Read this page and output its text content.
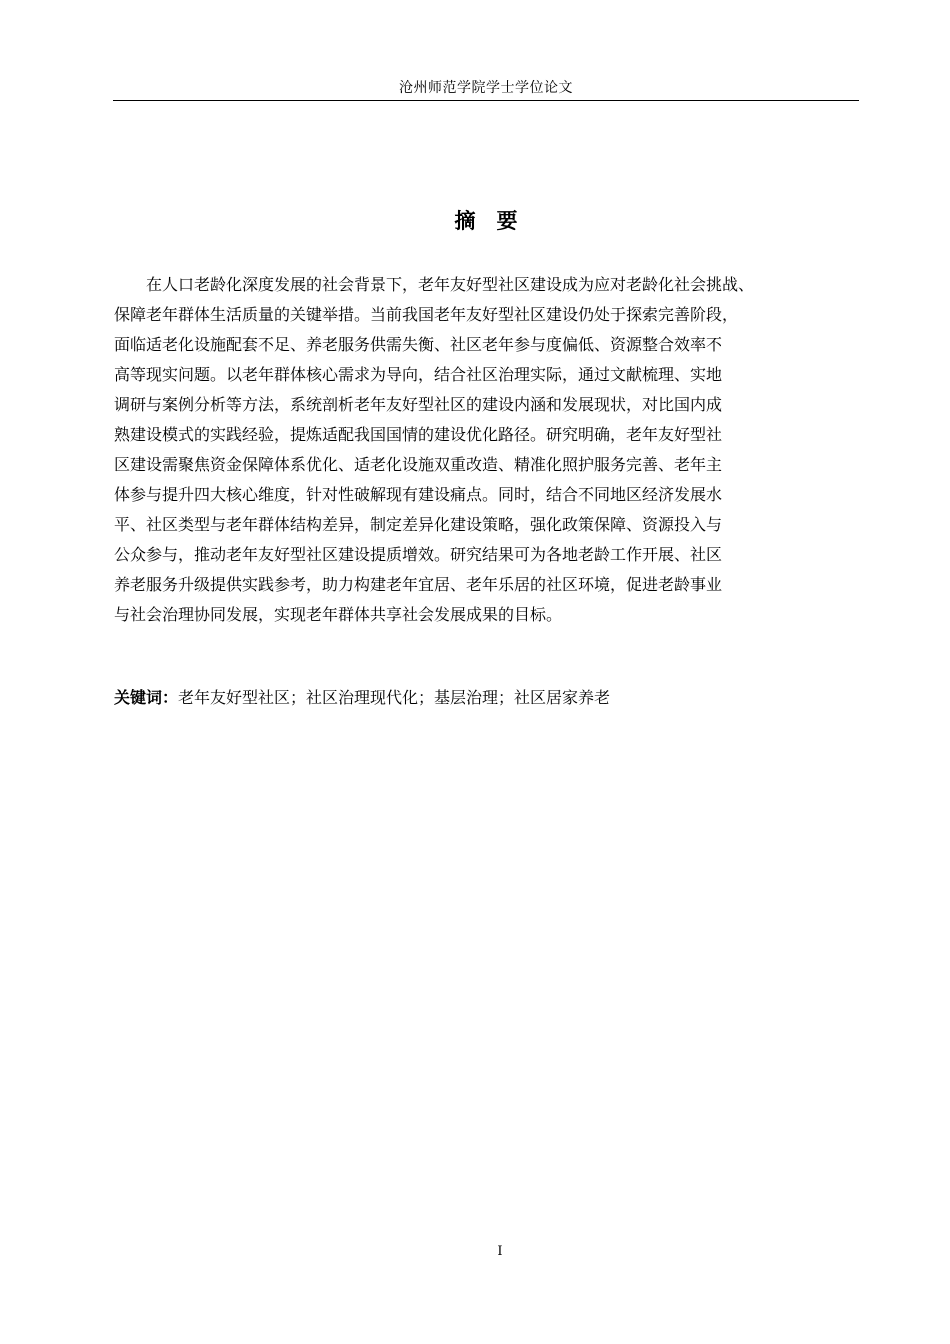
沧州师范学院学士学位论文
摘　要

在人口老龄化深度发展的社会背景下，老年友好型社区建设成为应对老龄化社会挑战、
保障老年群体生活质量的关键举措。当前我国老年友好型社区建设仍处于探索完善阶段，
面临适老化设施配套不足、养老服务供需失衡、社区老年参与度偏低、资源整合效率不
高等现实问题。以老年群体核心需求为导向，结合社区治理实际，通过文献梳理、实地
调研与案例分析等方法，系统剖析老年友好型社区的建设内涵和发展现状，对比国内成
熟建设模式的实践经验，提炼适配我国国情的建设优化路径。研究明确，老年友好型社
区建设需聚焦资金保障体系优化、适老化设施双重改造、精准化照护服务完善、老年主
体参与提升四大核心维度，针对性破解现有建设痛点。同时，结合不同地区经济发展水
平、社区类型与老年群体结构差异，制定差异化建设策略，强化政策保障、资源投入与
公众参与，推动老年友好型社区建设提质增效。研究结果可为各地老龄工作开展、社区
养老服务升级提供实践参考，助力构建老年宜居、老年乐居的社区环境，促进老龄事业
与社会治理协同发展，实现老年群体共享社会发展成果的目标。

关键词：老年友好型社区；社区治理现代化；基层治理；社区居家养老
I
